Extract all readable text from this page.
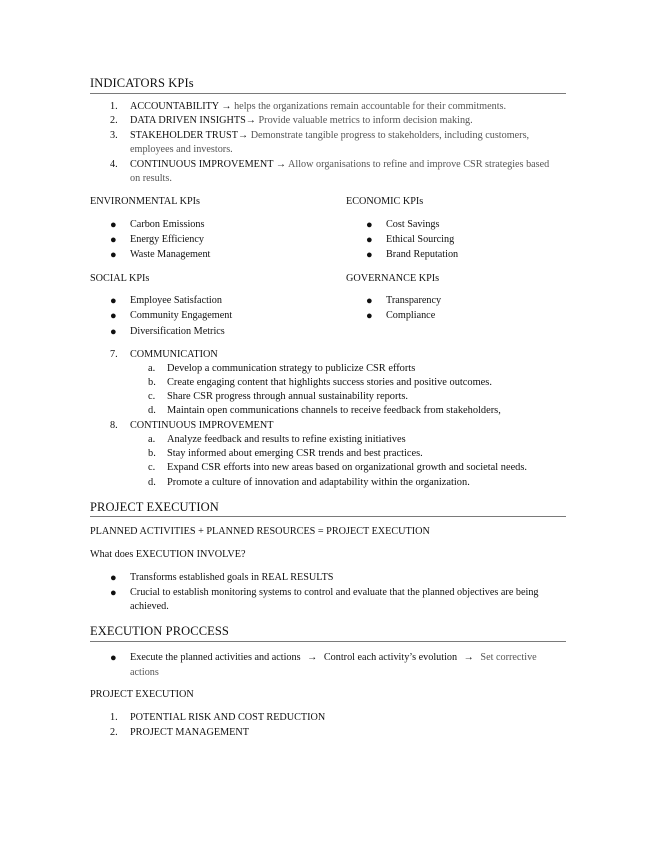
INDICATORS KPIs
1. ACCOUNTABILITY → helps the organizations remain accountable for their commitments.
2. DATA DRIVEN INSIGHTS→ Provide valuable metrics to inform decision making.
3. STAKEHOLDER TRUST→ Demonstrate tangible progress to stakeholders, including customers,
employees and investors.
4. CONTINUOUS IMPROVEMENT → Allow organisations to refine and improve CSR strategies based
on results.
ENVIRONMENTAL KPIs	ECONOMIC KPIs
● Carbon Emissions
● Energy Efficiency
● Waste Management
● Cost Savings
● Ethical Sourcing
● Brand Reputation
SOCIAL KPIs	GOVERNANCE KPIs
● Employee Satisfaction
● Community Engagement
● Diversification Metrics
● Transparency
● Compliance
7. COMMUNICATION
a. Develop a communication strategy to publicize CSR efforts
b. Create engaging content that highlights success stories and positive outcomes.
c. Share CSR progress through annual sustainability reports.
d. Maintain open communications channels to receive feedback from stakeholders,
8. CONTINUOUS IMPROVEMENT
a. Analyze feedback and results to refine existing initiatives
b. Stay informed about emerging CSR trends and best practices.
c. Expand CSR efforts into new areas based on organizational growth and societal needs.
d. Promote a culture of innovation and adaptability within the organization.
PROJECT EXECUTION
PLANNED ACTIVITIES + PLANNED RESOURCES = PROJECT EXECUTION
What does EXECUTION INVOLVE?
● Transforms established goals in REAL RESULTS
● Crucial to establish monitoring systems to control and evaluate that the planned objectives are being
achieved.
EXECUTION PROCCESS
● Execute the planned activities and actions → Control each activity’s evolution → Set corrective
actions
PROJECT EXECUTION
1. POTENTIAL RISK AND COST REDUCTION
2. PROJECT MANAGEMENT
